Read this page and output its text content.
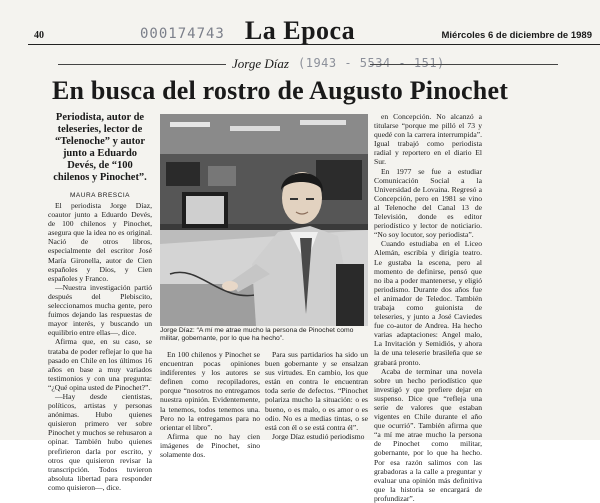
40	000174743 La Epoca	Miércoles 6 de diciembre de 1989
Jorge Díaz (1943 - 5534 - 151)
En busca del rostro de Augusto Pinochet
Periodista, autor de teleseries, lector de “Telenoche” y autor junto a Eduardo Devés, de “100 chilenos y Pinochet”.
MAURA BRESCIA

El periodista Jorge Díaz, coautor junto a Eduardo Devés, de 100 chilenos y Pinochet, asegura que la idea no es original. Nació de otros libros, especialmente del escritor José María Gironella, autor de Cien españoles y Dios, y Cien españoles y Franco.

—Nuestra investigación partió después del Plebiscito, seleccionamos mucha gente, pero fuimos dejando las respuestas de mayor interés, y buscando un equilibrio entre ellas—, dice.

Afirma que, en su caso, se trataba de poder reflejar lo que ha pasado en Chile en los últimos 16 años en base a muy variados testimonios y con una pregunta: “¿Qué opina usted de Pinochet?”.

—Hay desde cientistas, políticos, artistas y personas anónimas. Hubo quienes quisieron primero ver sobre Pinochet y muchos se rehusaron a opinar. También hubo quienes prefirieron darla por escrito, y otros que quisieron revisar la transcripción. Todos tuvieron absoluta libertad para responder como quisieron—, dice.

Jorge Díaz: “A mí me atrae mucho la persona de Pinochet como militar, gobernante, por lo que ha hecho”.

En 100 chilenos y Pinochet se encuentran pocas opiniones indiferentes y los autores se definen como recopiladores, porque “nosotros no entregamos nuestra opinión. Evidentemente, la tenemos, todos tenemos una. Pero no la entregamos para no orientar el libro”.

Afirma que no hay cien imágenes de Pinochet, sino solamente dos.

Para sus partidarios ha sido un buen gobernante y se ensalzan sus virtudes. En cambio, los que están en contra le encuentran toda serie de defectos. “Pinochet polariza mucho la situación: o es bueno, o es malo, o es amor o es odio. No es a medias tintas, o se está con él o se está contra él”.

Jorge Díaz estudió periodismo

en Concepción. No alcanzó a titularse “porque me pilló el 73 y quedé con la carrera interrumpida”. Igual trabajó como periodista radial y reportero en el diario El Sur.

En 1977 se fue a estudiar Comunicación Social a la Universidad de Lovaina. Regresó a Concepción, pero en 1981 se vino al Telenoche del Canal 13 de Televisión, donde es editor periodístico y lector de noticiario. “No soy locutor, soy periodista”.

Cuando estudiaba en el Liceo Alemán, escribía y dirigía teatro. Le gustaba la escena, pero al momento de definirse, pensó que no iba a poder mantenerse, y eligió periodismo. Durante dos años fue el animador de Teledoc. También trabaja como guionista de teleseries, y junto a José Caviedes fue co-autor de Andrea. Ha hecho varias adaptaciones: Angel malo, La Invitación y Semidiós, y ahora la de una teleserie brasileña que se grabará pronto.

Acaba de terminar una novela sobre un hecho periodístico que investigó y que prefiere dejar en suspenso. Dice que “refleja una serie de valores que estaban vigentes en Chile durante el año que ocurrió”. También afirma que “a mí me atrae mucho la persona de Pinochet como militar, gobernante, por lo que ha hecho. Por esa razón salimos con las grabadoras a la calle a preguntar y evaluar una opinión más definitiva que la historia se encargará de profundizar”.
